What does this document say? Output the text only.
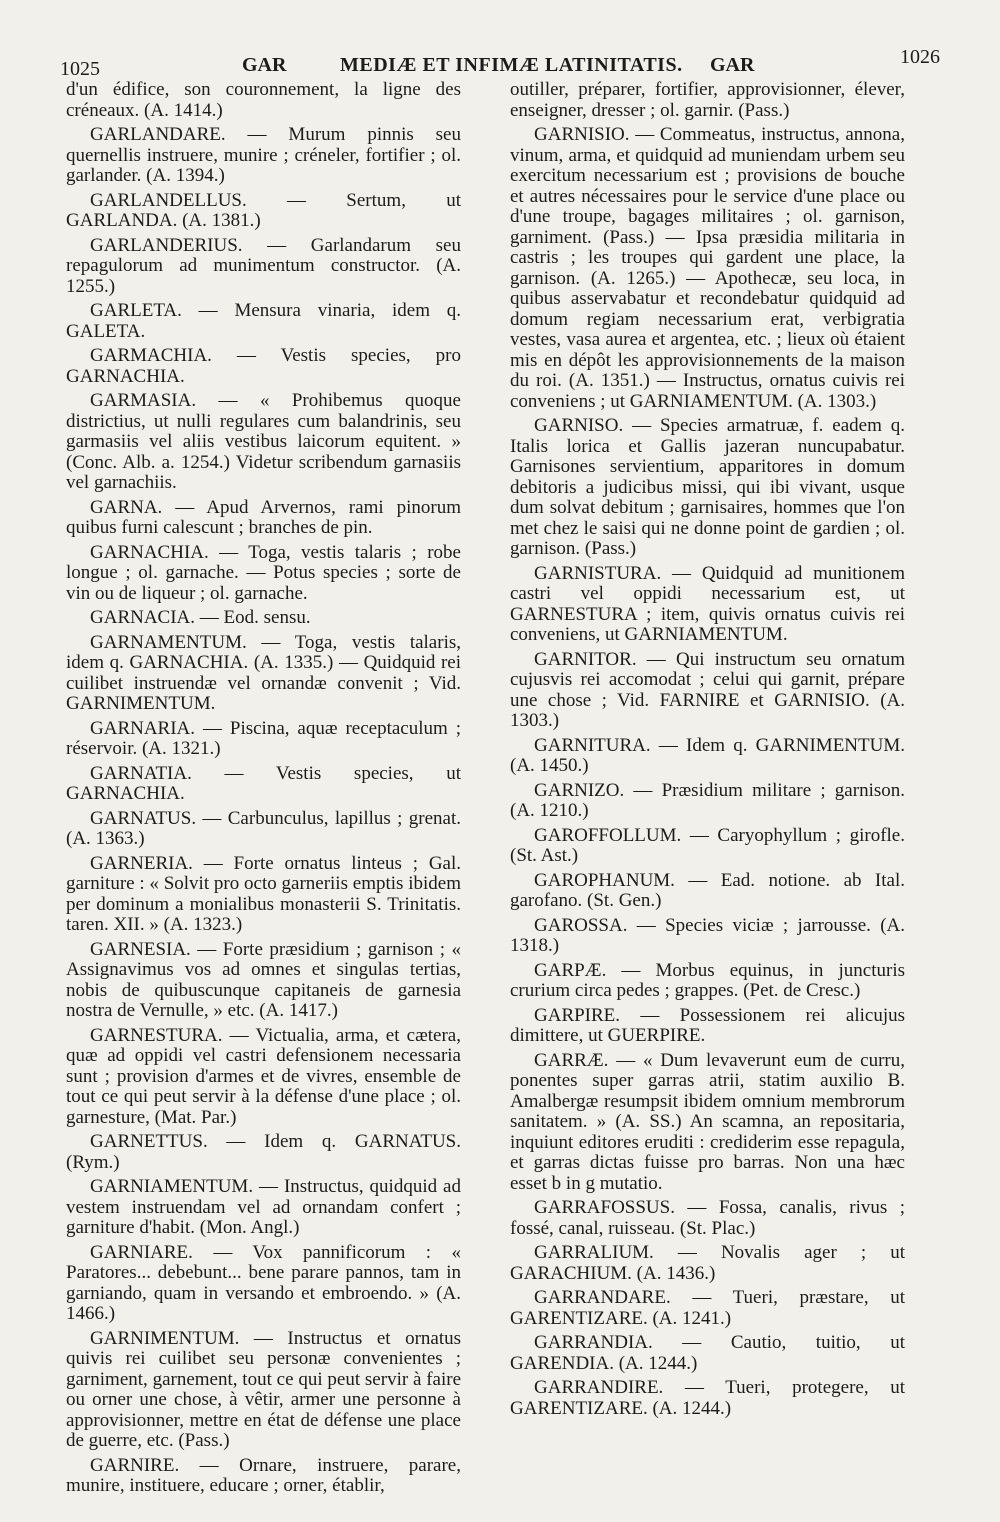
1025	GAR	MEDIÆ ET INFIMÆ LATINITATIS. GAR	1026

d'un édifice, son couronnement, la ligne des créneaux. (A. 1414.)

GARLANDARE. — Murum pinnis seu quernellis instruere, munire ; créneler, fortifier ; ol. garlander. (A. 1394.)

GARLANDELLUS. — Sertum, ut GARLANDA. (A. 1381.)

GARLANDERIUS. — Garlandarum seu repagulorum ad munimentum constructor. (A. 1255.)

GARLETA. — Mensura vinaria, idem q. GALETA.

GARMACHIA. — Vestis species, pro GARNACHIA.

GARMASIA. — « Prohibemus quoque districtius, ut nulli regulares cum balandrinis, seu garmasiis vel aliis vestibus laicorum equitent. » (Conc. Alb. a. 1254.) Videtur scribendum garnasiis vel garnachiis.

GARNA. — Apud Arvernos, rami pinorum quibus furni calescunt ; branches de pin.

GARNACHIA. — Toga, vestis talaris ; robe longue ; ol. garnache. — Potus species ; sorte de vin ou de liqueur ; ol. garnache.

GARNACIA. — Eod. sensu.

GARNAMENTUM. — Toga, vestis talaris, idem q. GARNACHIA. (A. 1335.) — Quidquid rei cuilibet instruendæ vel ornandæ convenit ; Vid. GARNIMENTUM.

GARNARIA. — Piscina, aquæ receptaculum ; réservoir. (A. 1321.)

GARNATIA. — Vestis species, ut GARNACHIA.

GARNATUS. — Carbunculus, lapillus ; grenat. (A. 1363.)

GARNERIA. — Forte ornatus linteus ; Gal. garniture : « Solvit pro octo garneriis emptis ibidem per dominum a monialibus monasterii S. Trinitatis. taren. XII. » (A. 1323.)

GARNESIA. — Forte præsidium ; garnison ; « Assignavimus vos ad omnes et singulas tertias, nobis de quibuscunque capitaneis de garnesia nostra de Vernulle, » etc. (A. 1417.)

GARNESTURA. — Victualia, arma, et cætera, quæ ad oppidi vel castri defensionem necessaria sunt ; provision d'armes et de vivres, ensemble de tout ce qui peut servir à la défense d'une place ; ol. garnesture, (Mat. Par.)

GARNETTUS. — Idem q. GARNATUS. (Rym.)

GARNIAMENTUM. — Instructus, quidquid ad vestem instruendam vel ad ornandam confert ; garniture d'habit. (Mon. Angl.)

GARNIARE. — Vox pannificorum : « Paratores... debebunt... bene parare pannos, tam in garniando, quam in versando et embroendo. » (A. 1466.)

GARNIMENTUM. — Instructus et ornatus quivis rei cuilibet seu personæ convenientes ; garniment, garnement, tout ce qui peut servir à faire ou orner une chose, à vêtir, armer une personne à approvisionner, mettre en état de défense une place de guerre, etc. (Pass.)

GARNIRE. — Ornare, instruere, parare, munire, instituere, educare ; orner, établir,

outiller, préparer, fortifier, approvisionner, élever, enseigner, dresser ; ol. garnir. (Pass.)

GARNISIO. — Commeatus, instructus, annona, vinum, arma, et quidquid ad muniendam urbem seu exercitum necessarium est ; provisions de bouche et autres nécessaires pour le service d'une place ou d'une troupe, bagages militaires ; ol. garnison, garniment. (Pass.) — Ipsa præsidia militaria in castris ; les troupes qui gardent une place, la garnison. (A. 1265.) — Apothecæ, seu loca, in quibus asservabatur et recondebatur quidquid ad domum regiam necessarium erat, verbigratia vestes, vasa aurea et argentea, etc. ; lieux où étaient mis en dépôt les approvisionnements de la maison du roi. (A. 1351.) — Instructus, ornatus cuivis rei conveniens ; ut GARNIAMENTUM. (A. 1303.)

GARNISO. — Species armatruæ, f. eadem q. Italis lorica et Gallis jazeran nuncupabatur. Garnisones servientium, apparitores in domum debitoris a judicibus missi, qui ibi vivant, usque dum solvat debitum ; garnisaires, hommes que l'on met chez le saisi qui ne donne point de gardien ; ol. garnison. (Pass.)

GARNISTURA. — Quidquid ad munitionem castri vel oppidi necessarium est, ut GARNESTURA ; item, quivis ornatus cuivis rei conveniens, ut GARNIAMENTUM.

GARNITOR. — Qui instructum seu ornatum cujusvis rei accomodat ; celui qui garnit, prépare une chose ; Vid. FARNIRE et GARNISIO. (A. 1303.)

GARNITURA. — Idem q. GARNIMENTUM. (A. 1450.)

GARNIZO. — Præsidium militare ; garnison. (A. 1210.)

GAROFFOLLUM. — Caryophyllum ; girofle. (St. Ast.)

GAROPHANUM. — Ead. notione. ab Ital. garofano. (St. Gen.)

GAROSSA. — Species viciæ ; jarrousse. (A. 1318.)

GARPÆ. — Morbus equinus, in juncturis crurium circa pedes ; grappes. (Pet. de Cresc.)

GARPIRE. — Possessionem rei alicujus dimittere, ut GUERPIRE.

GARRÆ. — « Dum levaverunt eum de curru, ponentes super garras atrii, statim auxilio B. Amalbergæ resumpsit ibidem omnium membrorum sanitatem. » (A. SS.) An scamna, an repositaria, inquiunt editores eruditi : crediderim esse repagula, et garras dictas fuisse pro barras. Non una hæc esset b in g mutatio.

GARRAFOSSUS. — Fossa, canalis, rivus ; fossé, canal, ruisseau. (St. Plac.)

GARRALIUM. — Novalis ager ; ut GARACHIUM. (A. 1436.)

GARRANDARE. — Tueri, præstare, ut GARENTIZARE. (A. 1241.)

GARRANDIA. — Cautio, tuitio, ut GARENDIA. (A. 1244.)

GARRANDIRE. — Tueri, protegere, ut GARENTIZARE. (A. 1244.)
